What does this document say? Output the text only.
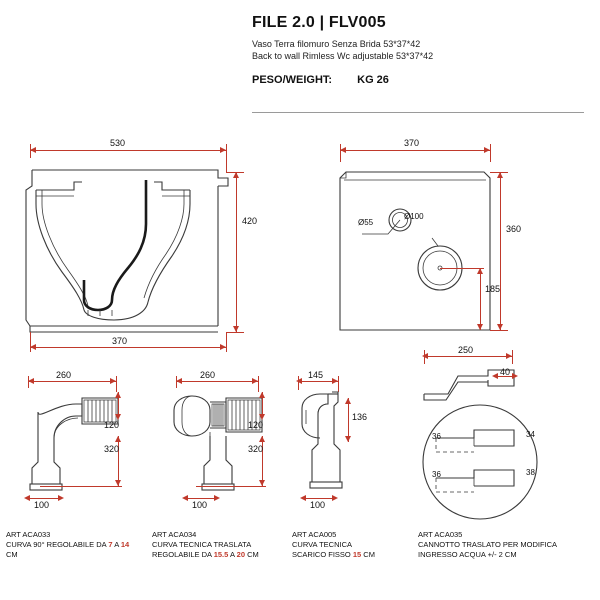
FILE 2.0 | FLV005
Vaso Terra filomuro Senza Brida 53*37*42
Back to wall Rimless Wc adjustable 53*37*42
PESO/WEIGHT: KG 26
530
420
370
370
Ø55
Ø100
360
185
260
120
320
100
ART ACA033
CURVA 90° REGOLABILE DA 7 A 14 CM
260
120
320
100
ART ACA034
CURVA TECNICA TRASLATA
REGOLABILE DA 15.5 A 20 CM
145
136
100
ART ACA005
CURVA TECNICA
SCARICO FISSO 15 CM
250
40
36	34
36	38
ART ACA035
CANNOTTO TRASLATO PER MODIFICA
INGRESSO ACQUA +/- 2 CM
